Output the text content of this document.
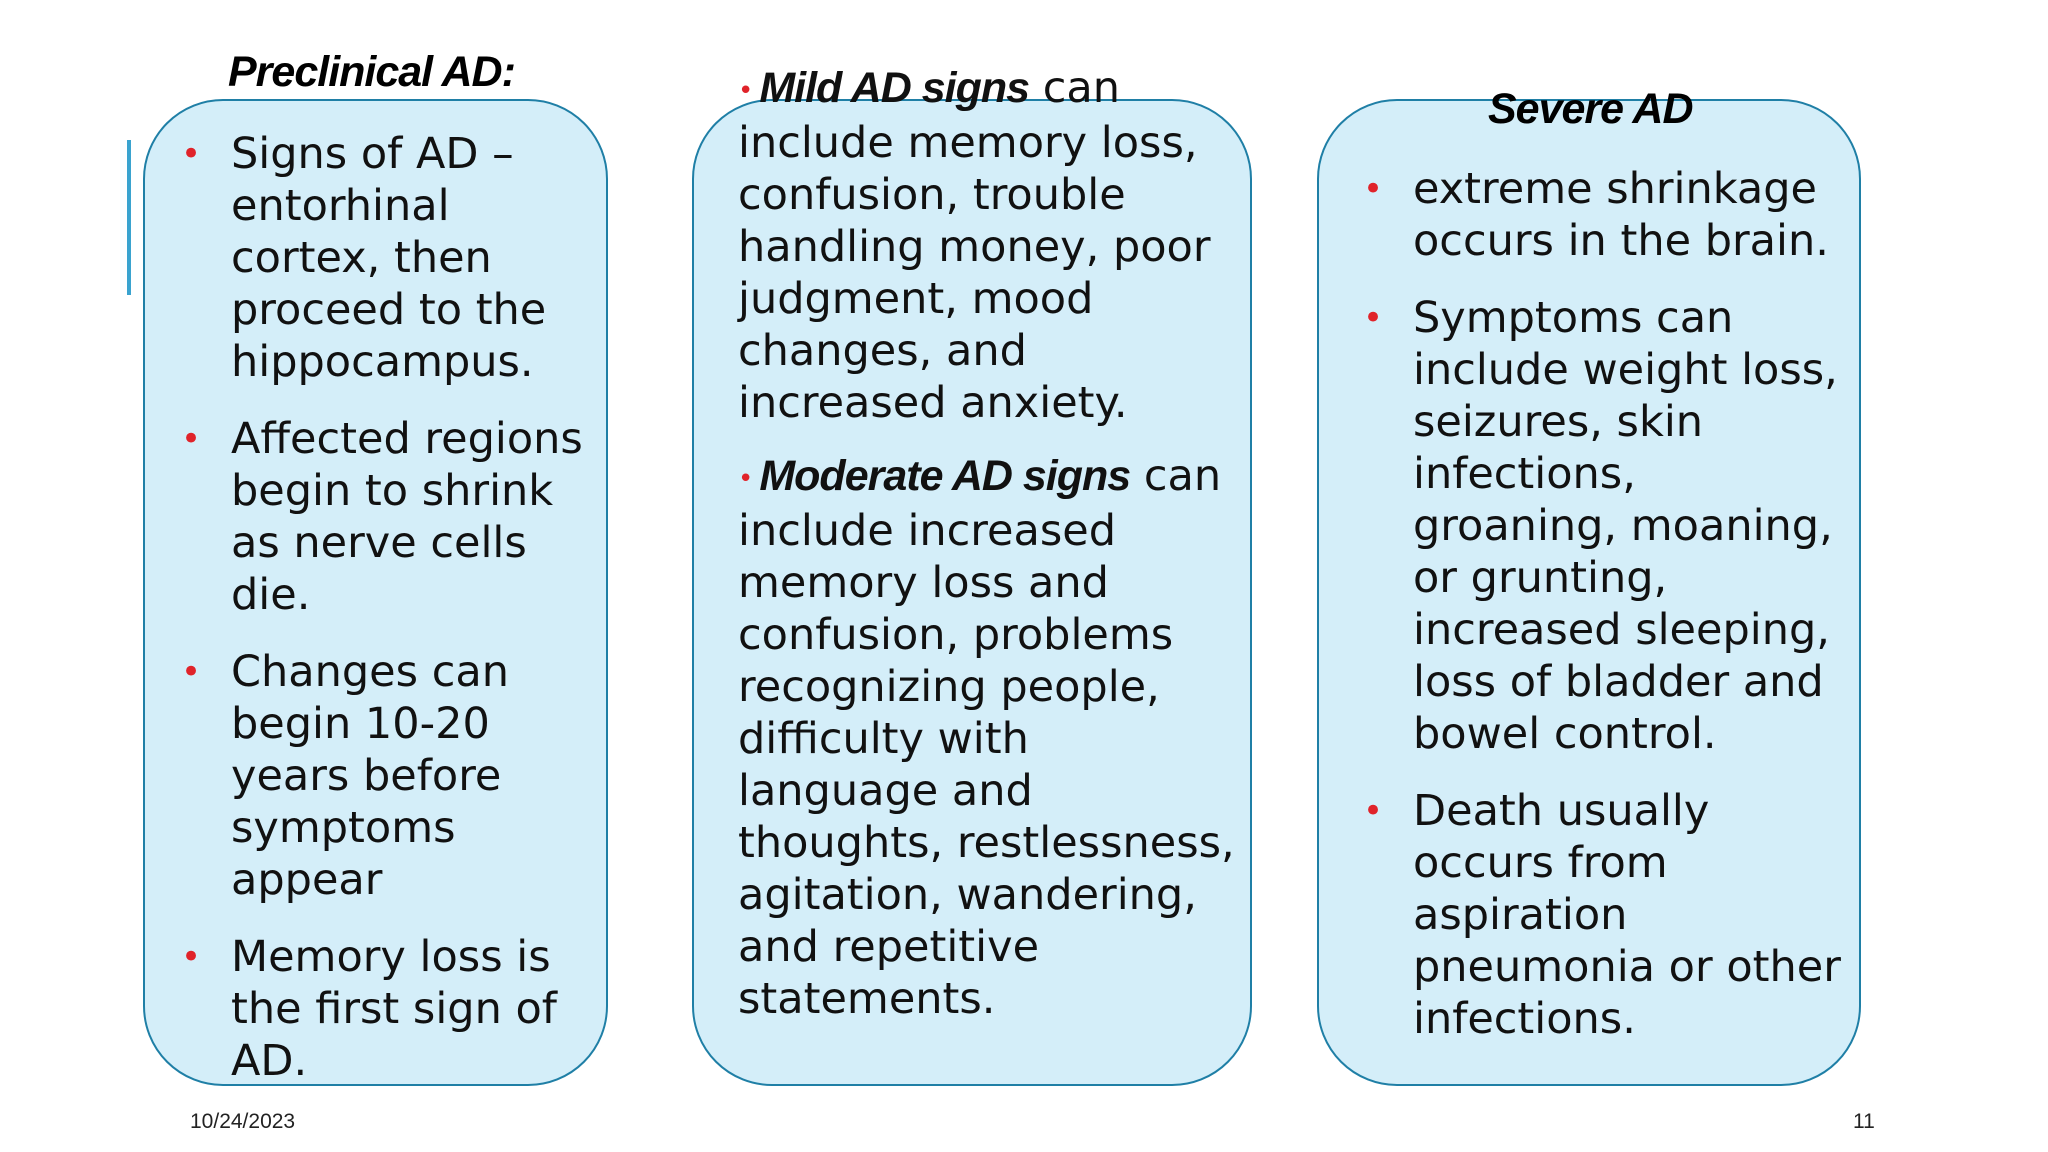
Preclinical AD:
• Signs of AD – entorhinal cortex, then proceed to the hippocampus.
• Affected regions begin to shrink as nerve cells die.
• Changes can begin 10-20 years before symptoms appear
• Memory loss is the first sign of AD.

• Mild AD signs can include memory loss, confusion, trouble handling money, poor judgment, mood changes, and increased anxiety.

• Moderate AD signs can include increased memory loss and confusion, problems recognizing people, difficulty with language and thoughts, restlessness, agitation, wandering, and repetitive statements.

Severe AD
• extreme shrinkage occurs in the brain.
• Symptoms can include weight loss, seizures, skin infections, groaning, moaning, or grunting, increased sleeping, loss of bladder and bowel control.
• Death usually occurs from aspiration pneumonia or other infections.
10/24/2023	11
